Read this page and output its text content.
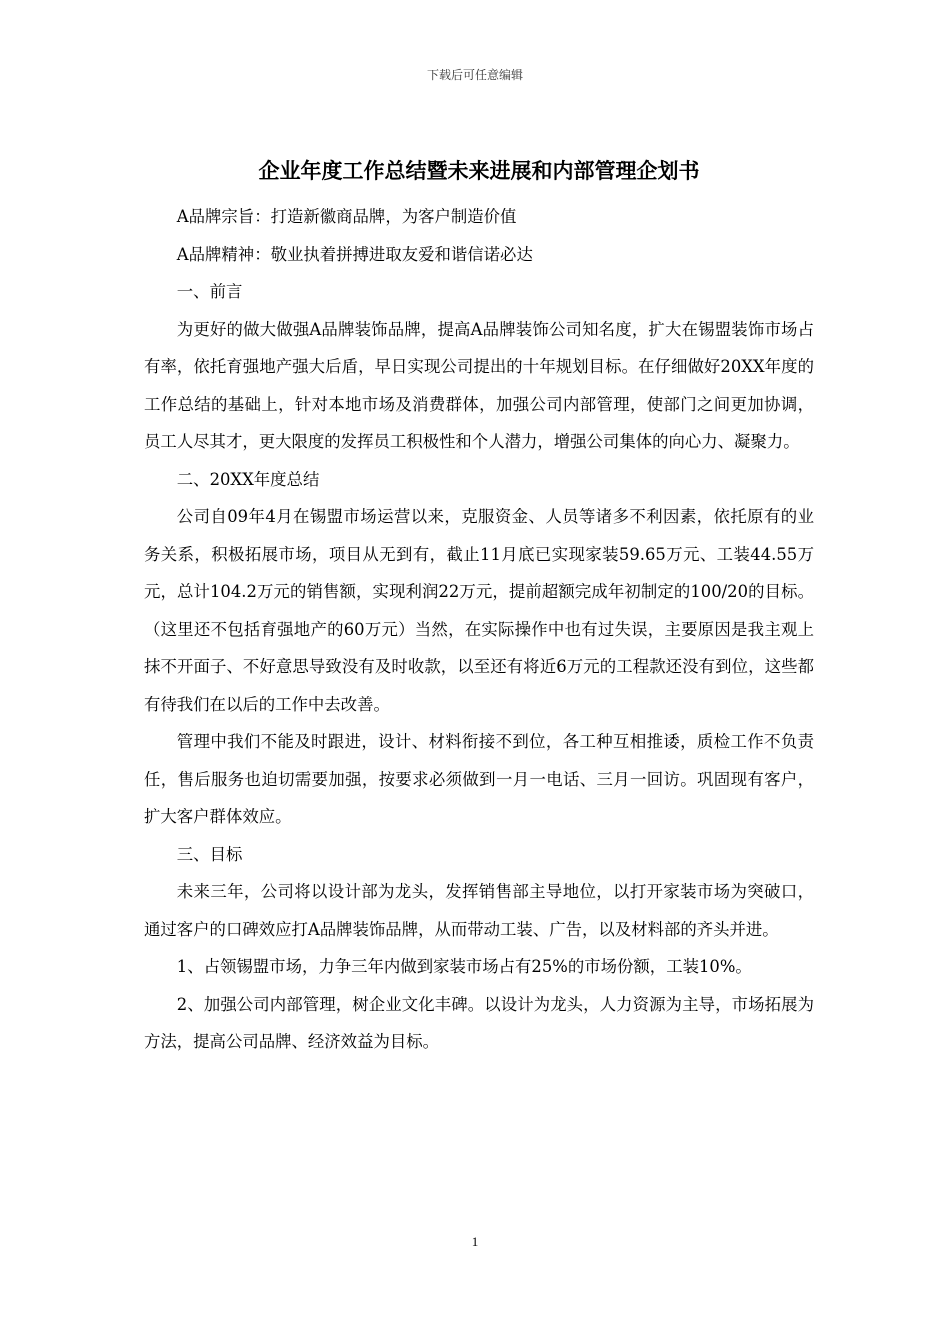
下载后可任意编辑
企业年度工作总结暨未来进展和内部管理企划书

A品牌宗旨：打造新徽商品牌，为客户制造价值

A品牌精神：敬业执着拼搏进取友爱和谐信诺必达

一、前言

为更好的做大做强A品牌装饰品牌，提高A品牌装饰公司知名度，扩大在锡盟装饰市场占有率，依托育强地产强大后盾，早日实现公司提出的十年规划目标。在仔细做好20XX年度的工作总结的基础上，针对本地市场及消费群体，加强公司内部管理，使部门之间更加协调，员工人尽其才，更大限度的发挥员工积极性和个人潜力，增强公司集体的向心力、凝聚力。

二、20XX年度总结

公司自09年4月在锡盟市场运营以来，克服资金、人员等诸多不利因素，依托原有的业务关系，积极拓展市场，项目从无到有，截止11月底已实现家装59.65万元、工装44.55万元，总计104.2万元的销售额，实现利润22万元，提前超额完成年初制定的100/20的目标。（这里还不包括育强地产的60万元）当然，在实际操作中也有过失误，主要原因是我主观上抹不开面子、不好意思导致没有及时收款，以至还有将近6万元的工程款还没有到位，这些都有待我们在以后的工作中去改善。

管理中我们不能及时跟进，设计、材料衔接不到位，各工种互相推诿，质检工作不负责任，售后服务也迫切需要加强，按要求必须做到一月一电话、三月一回访。巩固现有客户，扩大客户群体效应。

三、目标

未来三年，公司将以设计部为龙头，发挥销售部主导地位，以打开家装市场为突破口，通过客户的口碑效应打A品牌装饰品牌，从而带动工装、广告，以及材料部的齐头并进。

1、占领锡盟市场，力争三年内做到家装市场占有25%的市场份额，工装10%。

2、加强公司内部管理，树企业文化丰碑。以设计为龙头，人力资源为主导，市场拓展为方法，提高公司品牌、经济效益为目标。

1
